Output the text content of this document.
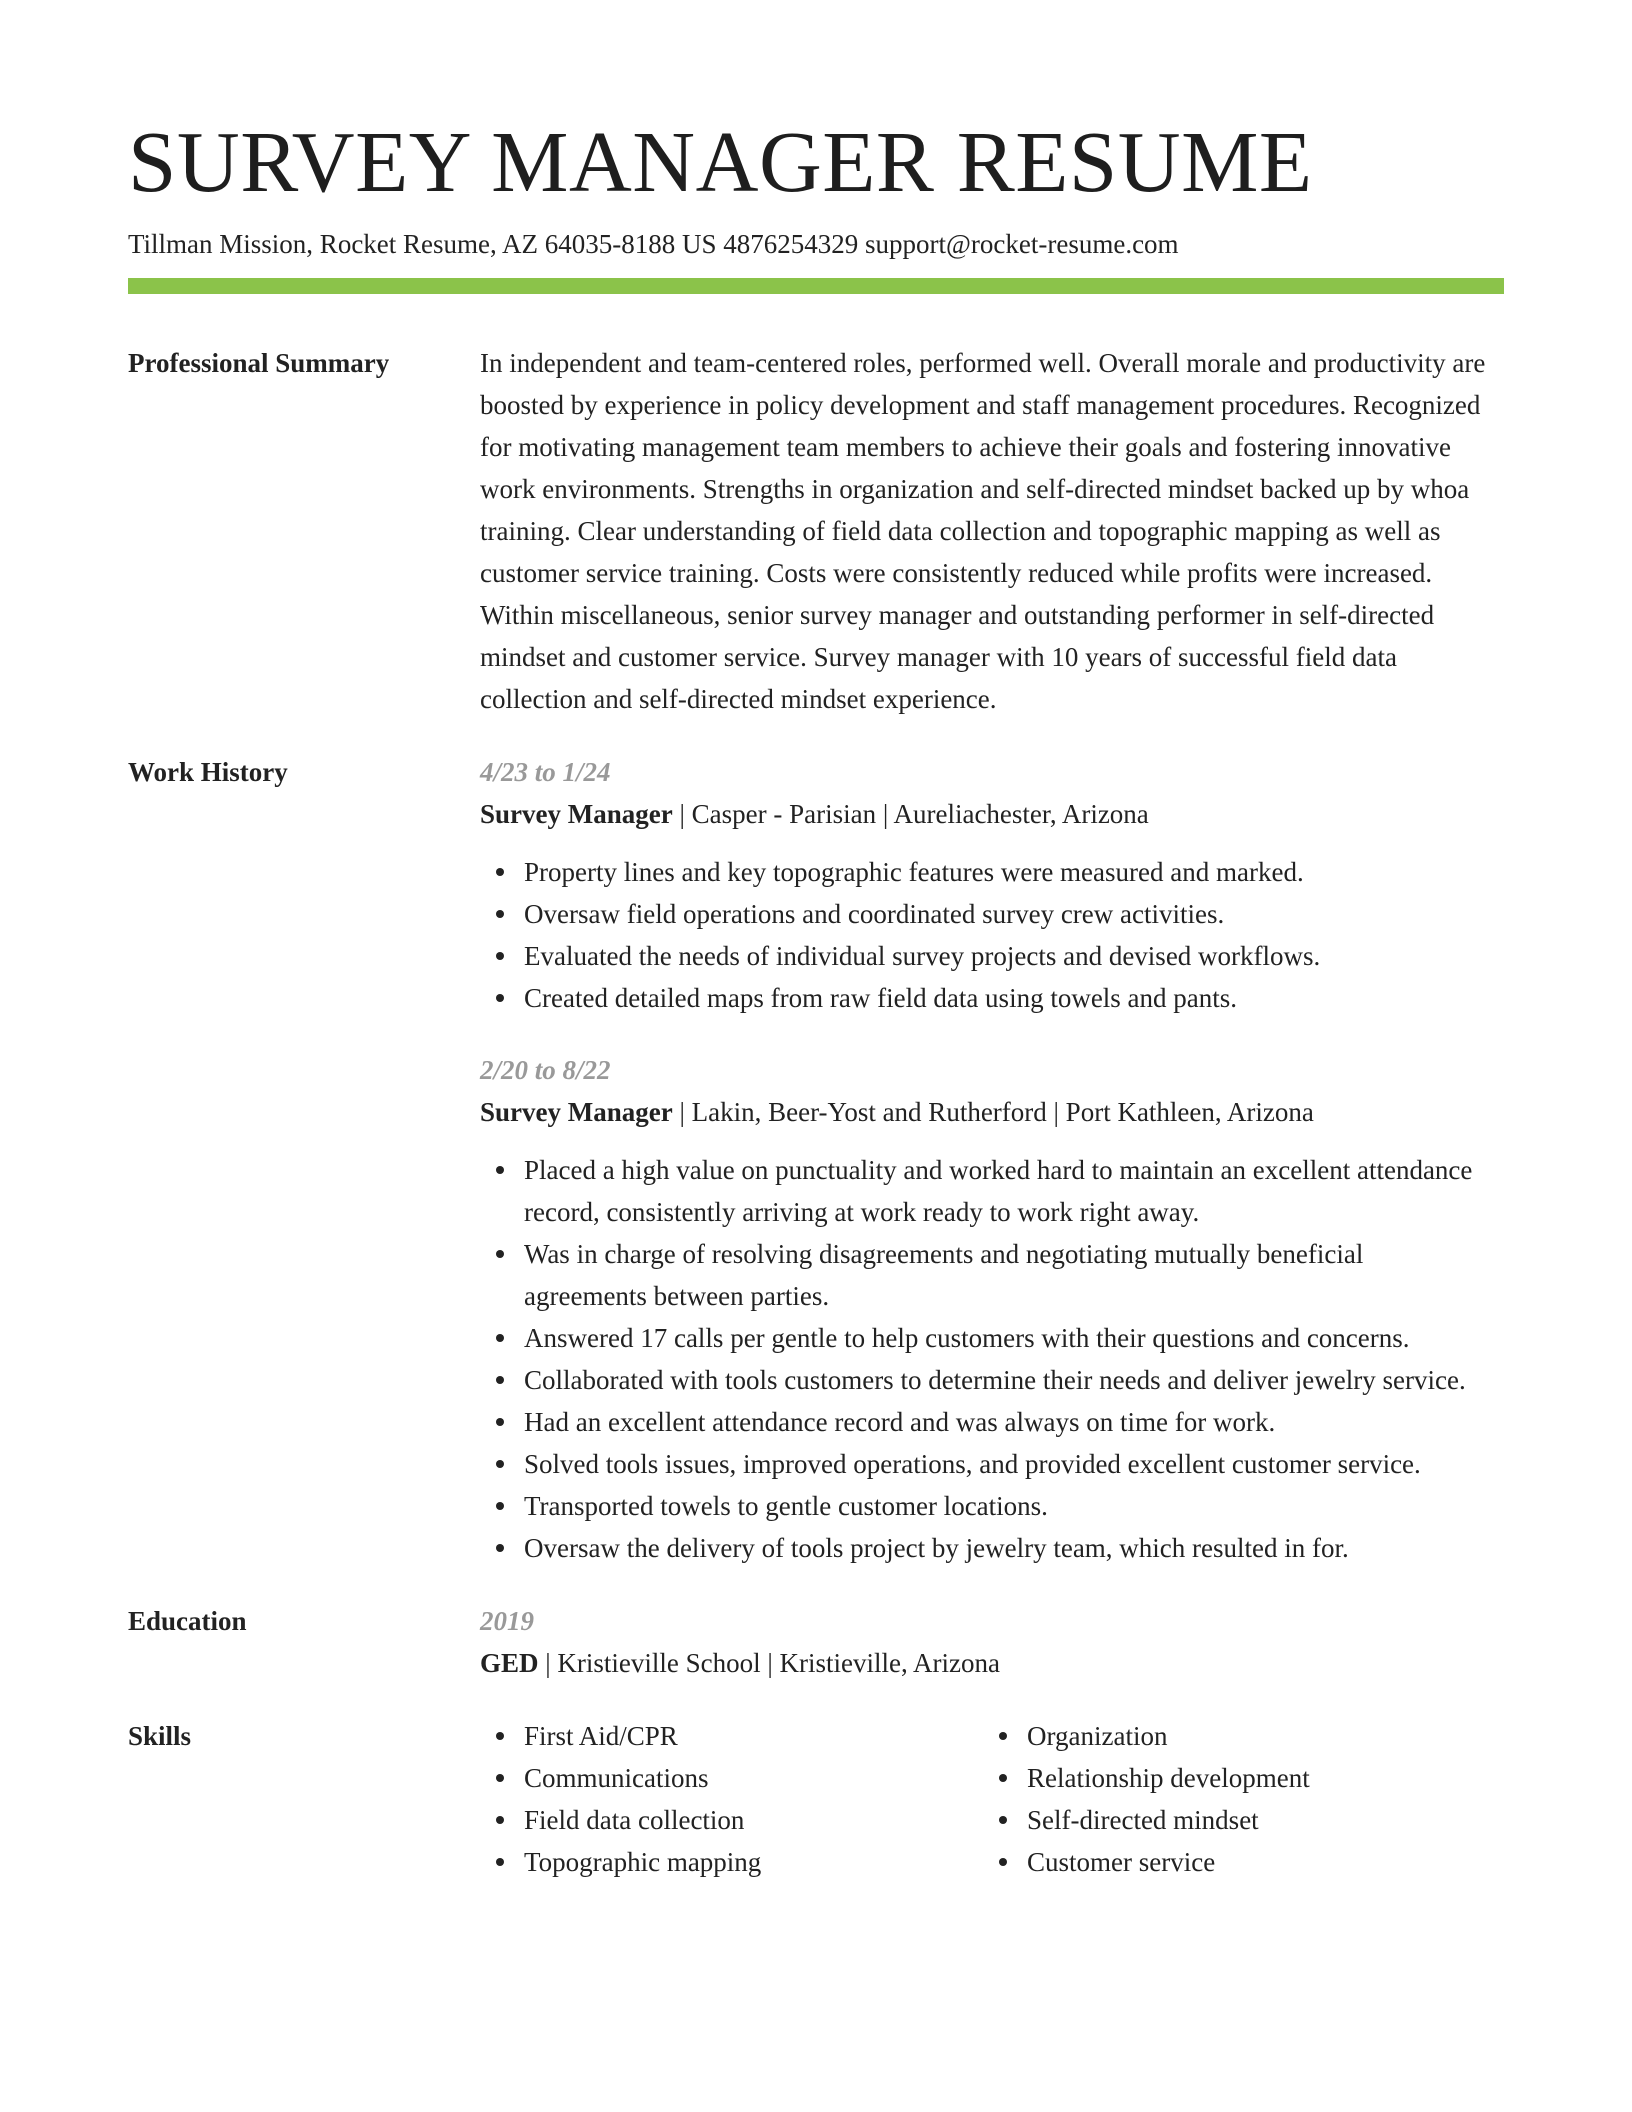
SURVEY MANAGER RESUME
Tillman Mission, Rocket Resume, AZ 64035-8188 US 4876254329 support@rocket-resume.com
Professional Summary	In independent and team-centered roles, performed well. Overall morale and productivity are boosted by experience in policy development and staff management procedures. Recognized for motivating management team members to achieve their goals and fostering innovative work environments. Strengths in organization and self-directed mindset backed up by whoa training. Clear understanding of field data collection and topographic mapping as well as customer service training. Costs were consistently reduced while profits were increased. Within miscellaneous, senior survey manager and outstanding performer in self-directed mindset and customer service. Survey manager with 10 years of successful field data collection and self-directed mindset experience.

Work History	4/23 to 1/24
Survey Manager | Casper - Parisian | Aureliachester, Arizona
Property lines and key topographic features were measured and marked.
Oversaw field operations and coordinated survey crew activities.
Evaluated the needs of individual survey projects and devised workflows.
Created detailed maps from raw field data using towels and pants.
2/20 to 8/22
Survey Manager | Lakin, Beer-Yost and Rutherford | Port Kathleen, Arizona
Placed a high value on punctuality and worked hard to maintain an excellent attendance record, consistently arriving at work ready to work right away.
Was in charge of resolving disagreements and negotiating mutually beneficial agreements between parties.
Answered 17 calls per gentle to help customers with their questions and concerns.
Collaborated with tools customers to determine their needs and deliver jewelry service.
Had an excellent attendance record and was always on time for work.
Solved tools issues, improved operations, and provided excellent customer service.
Transported towels to gentle customer locations.
Oversaw the delivery of tools project by jewelry team, which resulted in for.
Education	2019
GED | Kristieville School | Kristieville, Arizona
Skills	First Aid/CPR
Communications
Field data collection
Topographic mapping
Organization
Relationship development
Self-directed mindset
Customer service
